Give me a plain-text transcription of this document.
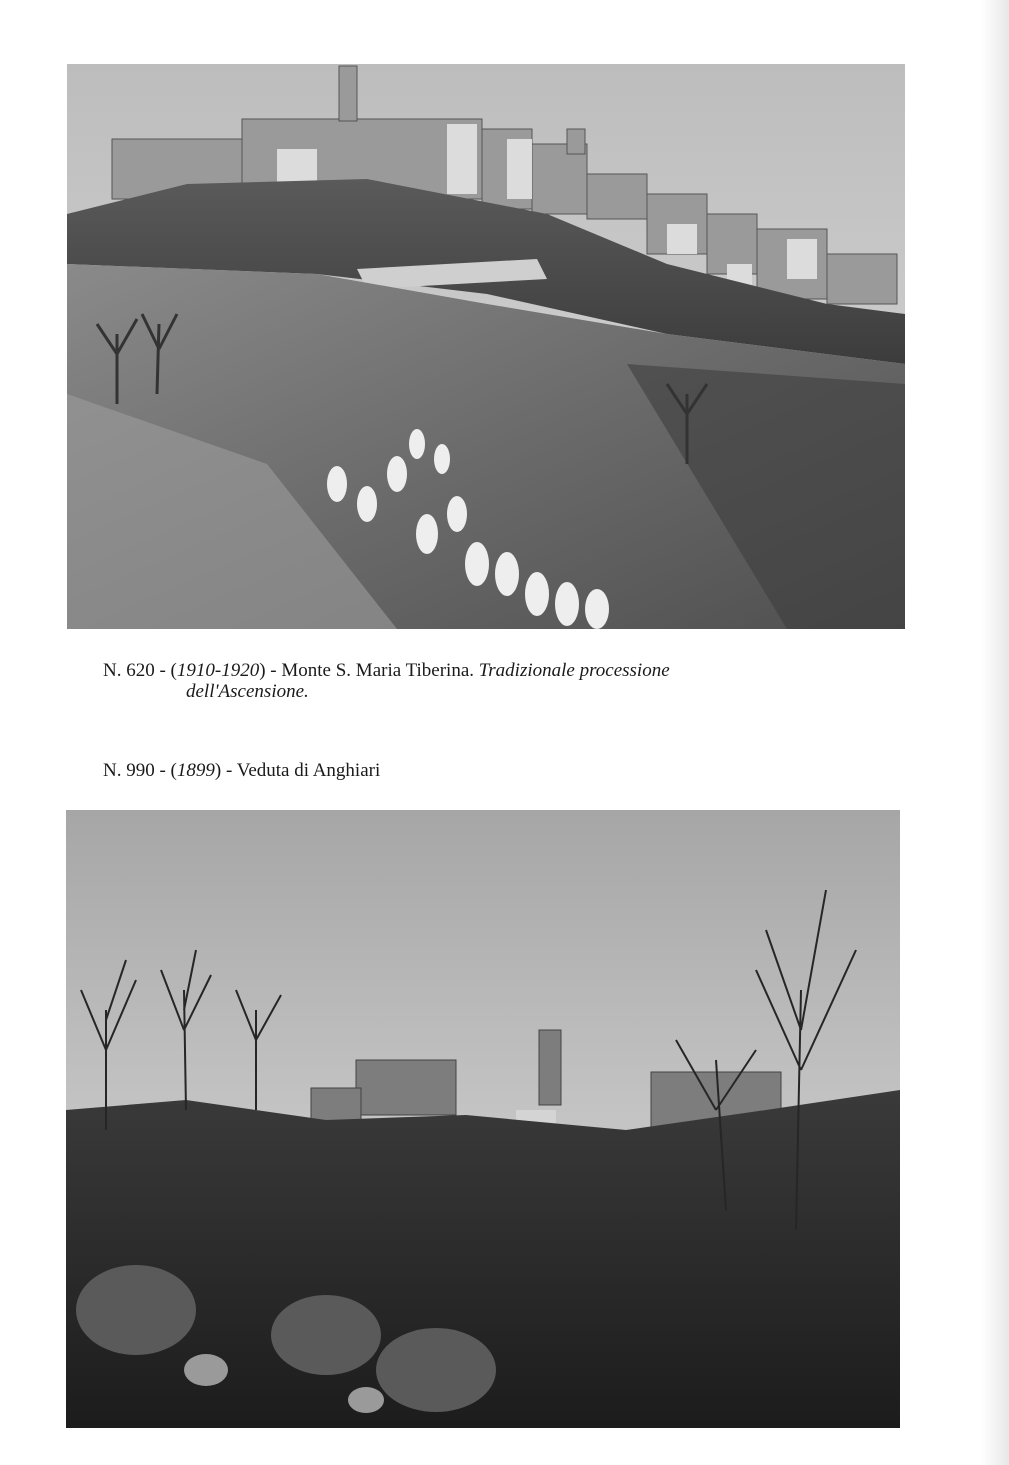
N. 620 - (1910-1920) - Monte S. Maria Tiberina. Tradizionale processione
dell'Ascensione.
N. 990 - (1899) - Veduta di Anghiari
